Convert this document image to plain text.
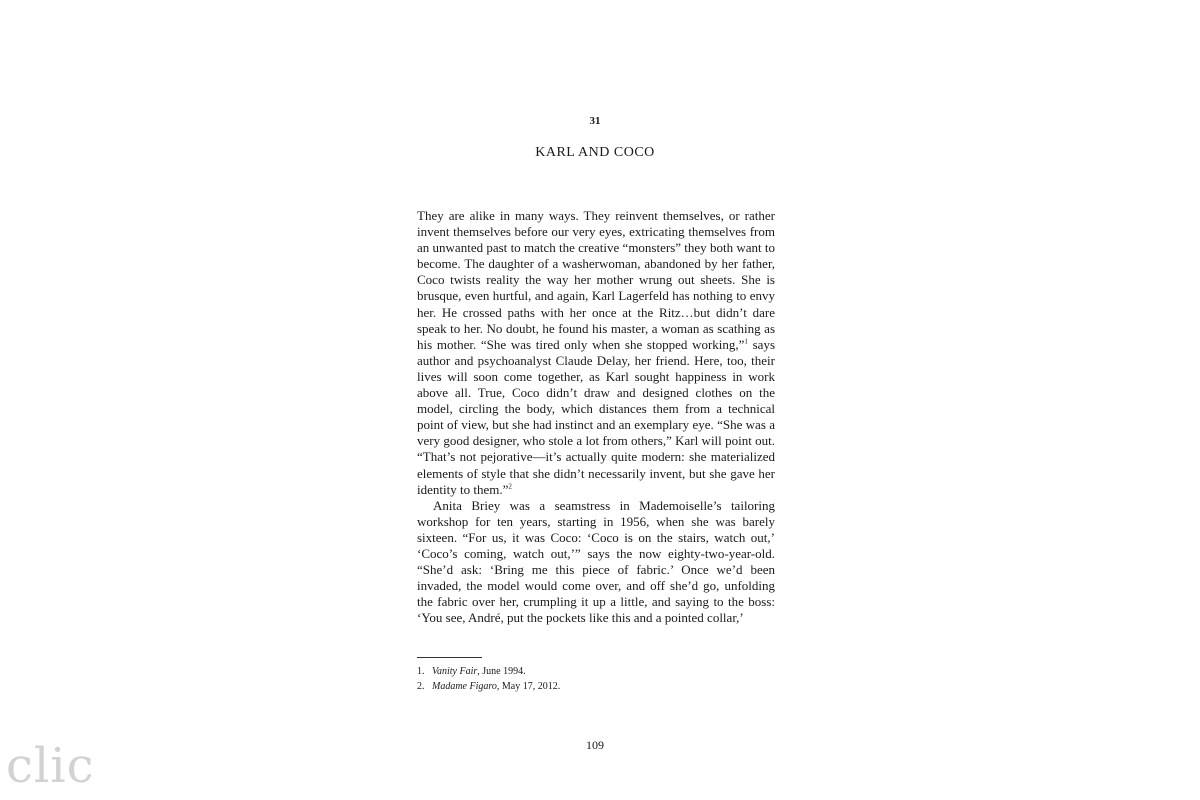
31
KARL AND COCO

They are alike in many ways. They reinvent themselves, or rather invent themselves before our very eyes, extricating themselves from an unwanted past to match the creative “monsters” they both want to become. The daughter of a washerwoman, abandoned by her father, Coco twists reality the way her mother wrung out sheets. She is brusque, even hurtful, and again, Karl Lagerfeld has nothing to envy her. He crossed paths with her once at the Ritz…but didn’t dare speak to her. No doubt, he found his master, a woman as scathing as his mother. “She was tired only when she stopped working,”$^1$ says author and psychoanalyst Claude Delay, her friend. Here, too, their lives will soon come together, as Karl sought happiness in work above all. True, Coco didn’t draw and designed clothes on the model, circling the body, which distances them from a technical point of view, but she had instinct and an exemplary eye. “She was a very good designer, who stole a lot from others,” Karl will point out. “That’s not pejorative—it’s actually quite modern: she materialized elements of style that she didn’t necessarily invent, but she gave her identity to them.”$^2$

Anita Briey was a seamstress in Mademoiselle’s tailoring workshop for ten years, starting in 1956, when she was barely sixteen. “For us, it was Coco: ‘Coco is on the stairs, watch out,’ ‘Coco’s coming, watch out,’” says the now eighty-two-year-old. “She’d ask: ‘Bring me this piece of fabric.’ Once we’d been invaded, the model would come over, and off she’d go, unfolding the fabric over her, crumpling it up a little, and saying to the boss: ‘You see, André, put the pockets like this and a pointed collar,’

1. Vanity Fair, June 1994.
2. Madame Figaro, May 17, 2012.
109
clic
